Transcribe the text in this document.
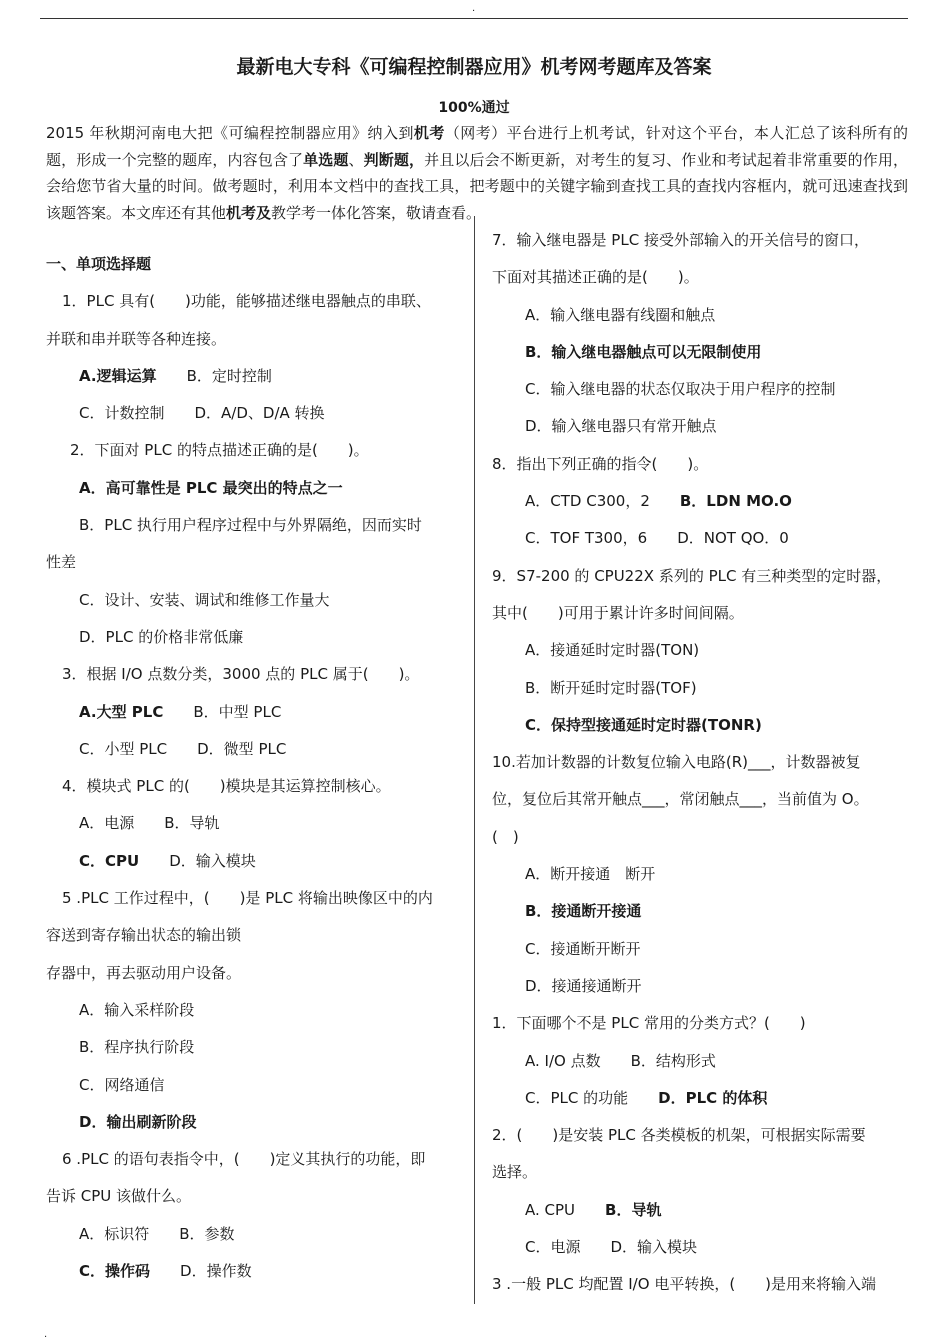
.
最新电大专科《可编程控制器应用》机考网考题库及答案
100%通过
2015 年秋期河南电大把《可编程控制器应用》纳入到机考（网考）平台进行上机考试，针对这个平台，本人汇总了该科所有的题，形成一个完整的题库，内容包含了单选题、判断题，并且以后会不断更新，对考生的复习、作业和考试起着非常重要的作用，会给您节省大量的时间。做考题时，利用本文档中的查找工具，把考题中的关键字输到查找工具的查找内容框内，就可迅速查找到该题答案。本文库还有其他机考及教学考一体化答案，敬请查看。
一、单项选择题
1．PLC 具有(　　)功能，能够描述继电器触点的串联、
并联和串并联等各种连接。
A.逻辑运算 B．定时控制
C．计数控制 D．A/D、D/A 转换
2．下面对 PLC 的特点描述正确的是(　　)。
A．高可靠性是 PLC 最突出的特点之一
B．PLC 执行用户程序过程中与外界隔绝，因而实时
性差
C．设计、安装、调试和维修工作量大
D．PLC 的价格非常低廉
3．根据 I/O 点数分类，3000 点的 PLC 属于(　　)。
A.大型 PLC B．中型 PLC
C．小型 PLC D．微型 PLC
4．模块式 PLC 的(　　)模块是其运算控制核心。
A．电源 B．导轨
C．CPU D．输入模块
5 .PLC 工作过程中，(　　)是 PLC 将输出映像区中的内
容送到寄存输出状态的输出锁
存器中，再去驱动用户设备。
A．输入采样阶段
B．程序执行阶段
C．网络通信
D．输出刷新阶段
6 .PLC 的语句表指令中，(　　)定义其执行的功能，即
告诉 CPU 该做什么。
A．标识符 B．参数
C．操作码 D．操作数
7．输入继电器是 PLC 接受外部输入的开关信号的窗口，
下面对其描述正确的是(　　)。
A．输入继电器有线圈和触点
B．输入继电器触点可以无限制使用
C．输入继电器的状态仅取决于用户程序的控制
D．输入继电器只有常开触点
8．指出下列正确的指令(　　)。
A．CTD C300，2 B．LDN MO.O
C．TOF T300，6 D．NOT QO．0
9．S7-200 的 CPU22X 系列的 PLC 有三种类型的定时器，
其中(　　)可用于累计许多时间间隔。
A．接通延时定时器(TON)
B．断开延时定时器(TOF)
C．保持型接通延时定时器(TONR)
10.若加计数器的计数复位输入电路(R)___，计数器被复
位，复位后其常开触点___，常闭触点___，当前值为 O。
(　)
A．断开接通　断开
B．接通断开接通
C．接通断开断开
D．接通接通断开
1．下面哪个不是 PLC 常用的分类方式？(　　)
A. I/O 点数 B．结构形式
C．PLC 的功能 D．PLC 的体积
2．(　　)是安装 PLC 各类模板的机架，可根据实际需要
选择。
A. CPU B．导轨
C．电源 D．输入模块
3 .一般 PLC 均配置 I/O 电平转换，(　　)是用来将输入端
.
